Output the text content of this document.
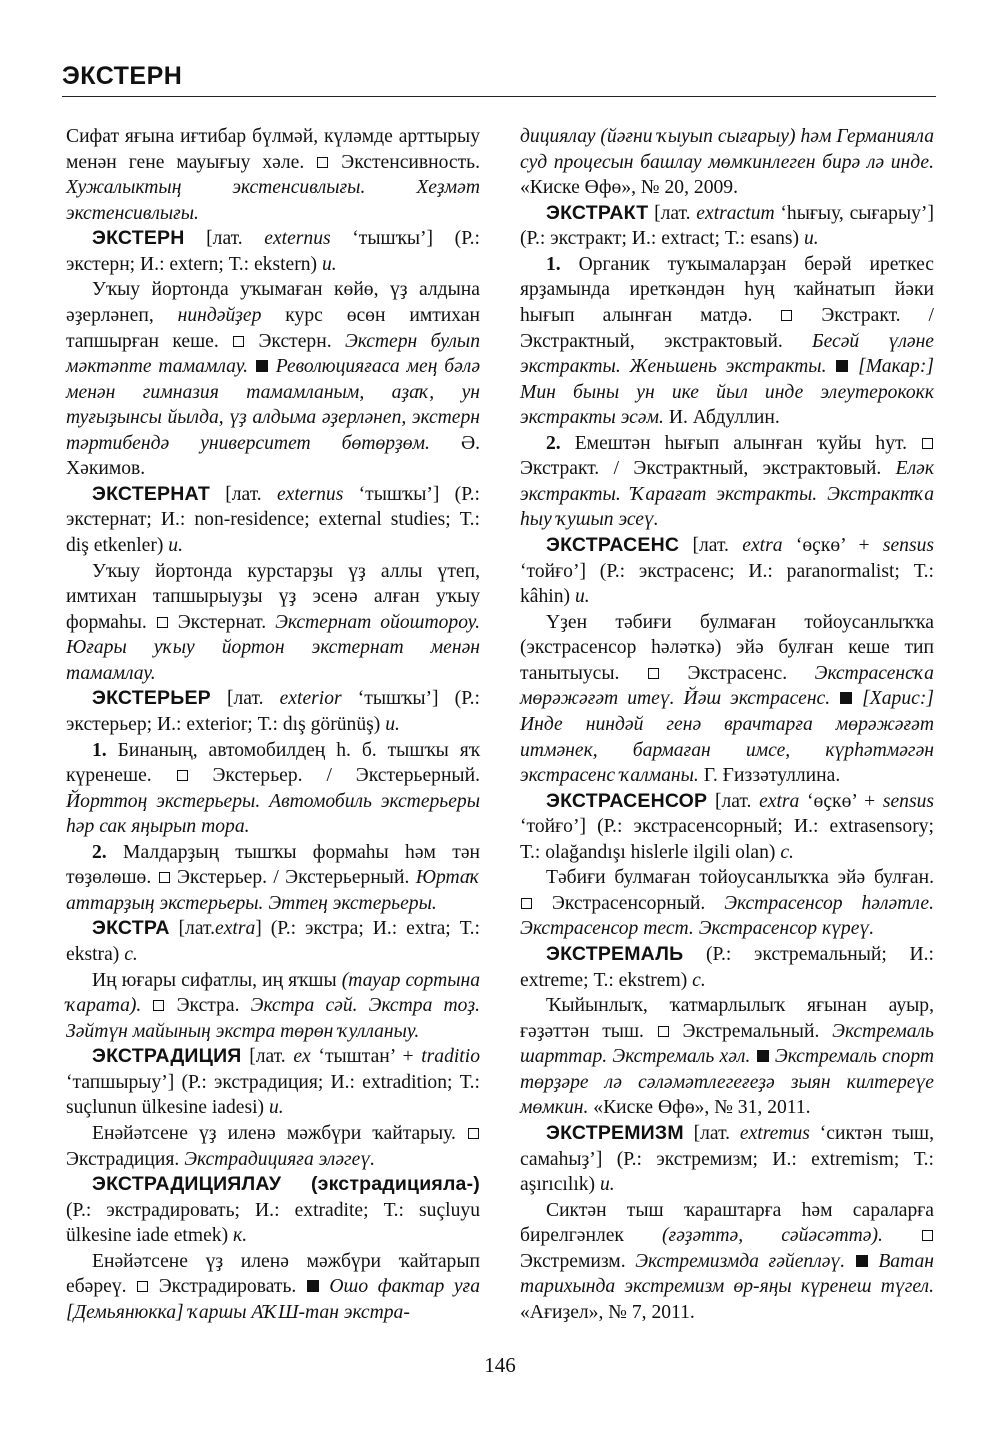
ЭКСТЕРН

Сифат яғына иғтибар бүлмәй, күләмде арттырыу менән гене мауығыу хәле. Экстенсивность. Хужалыктың экстенсивлығы. Хеҙмәт экстенсивлығы.

ЭКСТЕРН [лат. externus ‘тышҡы’] (Р.: экстерн; И.: extern; Т.: ekstern) и.

Уҡыу йортонда уҡымаған көйө, үҙ алдына әҙерләнеп, ниндәйҙер курс өсөн имтихан тапшырған кеше. Экстерн. Экстерн булып мәктәпте тамамлау. Революцияғаса мең бәлә менән гимназия тамамланым, аҙаҡ, ун туғыҙынсы йылда, үҙ алдыма әҙерләнеп, экстерн тәртибендә университет бөтөрҙөм. Ә. Хәкимов.

ЭКСТЕРНАТ [лат. externus ‘тышҡы’] (Р.: экстернат; И.: non-residence; external studies; Т.: diş etkenler) и.

Уҡыу йортонда курстарҙы үҙ аллы үтеп, имтихан тапшырыуҙы үҙ эсенә алған уҡыу формаһы. Экстернат. Экстернат ойоштороу. Юғары уҡыу йортон экстернат менән тамамлау.

ЭКСТЕРЬЕР [лат. exterior ‘тышҡы’] (Р.: экстерьер; И.: exterior; Т.: dış görünüş) и.

1. Бинаның, автомобилдең һ. б. тышҡы яҡ күренеше.	Экстерьер. / Экстерьерный. Йорттоң экстерьеры. Автомобиль экстерьеры һәр сак яңырып тора.

2. Малдарҙың тышҡы формаһы һәм тән төҙөлөшө. Экстерьер. / Экстерьерный. Юртаҡ аттарҙың экстерьеры. Эттең экстерьеры.

ЭКСТРА [лат.extra] (Р.: экстра; И.: extra; Т.: ekstra) с.

Иң юғары сифатлы, иң яҡшы (тауар сортына ҡарата). Экстра. Экстра сәй. Экстра тоҙ. Зәйтүн майының экстра төрөн ҡулланыу.

ЭКСТРАДИЦИЯ [лат. ex ‘тыштан’ + traditio ‘тапшырыу’] (Р.: экстрадиция; И.: extradition; Т.: suçlunun ülkesine iadesi) и.

Енәйәтсене үҙ иленә мәжбүри ҡайтарыу.  Экстрадиция. Экстрадицияға эләгеү.

ЭКСТРАДИЦИЯЛАУ (экстрадицияла-) (Р.: экстрадировать; И.: extradite; Т.: suçluyu ülkesine iade etmek) к.

Енәйәтсене үҙ иленә мәжбүри ҡайтарып ебәреү. Экстрадировать. Ошо фактар уға [Демьянюкка] ҡаршы АҠШ-тан экстра-

дициялау (йәғни ҡыуып сығарыу) һәм Германияла суд процесын башлау мөмкинлеген бирә лә инде. «Киске Өфө», № 20, 2009.

ЭКСТРАКТ [лат. extractum ‘һығыу, сығарыу’] (Р.: экстракт; И.: extract; Т.: esans) и.

1. Органик туҡымаларҙан берәй иреткес ярҙамында иреткәндән һуң ҡайнатып йәки һығып алынған матдә.	Экстракт. / Экстрактный, экстрактовый. Бесәй үләне экстракты. Женьшень экстракты. [Макар:] Мин быны ун ике йыл инде элеутерококк экстракты эсәм. И. Абдуллин.

2. Емештән һығып алынған ҡуйы һут.  Экстракт. / Экстрактный, экстрактовый. Еләк экстракты. Ҡарағат экстракты. Экстрактҡа һыу ҡушып эсеү.

ЭКСТРАСЕНС [лат. extra ‘өҫкө’ + sensus ‘тойғо’] (Р.: экстрасенс; И.: paranormalist; Т.: kâhin) и.

Үҙен тәбиғи булмаған тойоусанлыҡҡа (экстрасенсор һәләткә) эйә булған кеше тип танытыусы.	Экстрасенс. Экстрасенсҡа мөрәжәғәт итеү. Йәш экстрасенс. [Харис:] Инде ниндәй генә врачтарға мөрәжәғәт итмәнек, бармаған имсе, күрһәтмәгән экстрасенс ҡалманы. Г. Ғиззәтуллина.

ЭКСТРАСЕНСОР [лат. extra ‘өҫкө’ + sensus ‘тойғо’] (Р.: экстрасенсорный; И.: extrasensory; Т.: olağandışı hislerle ilgili olan) с.

Тәбиғи булмаған тойоусанлыҡҡа эйә булған.  Экстрасенсорный. Экстрасенсор һәләтле. Экстрасенсор тест. Экстрасенсор күреү.

ЭКСТРЕМАЛЬ (Р.: экстремальный; И.: extreme; Т.: ekstrem) с.

Ҡыйынлыҡ, ҡатмарлылыҡ яғынан ауыр, ғәҙәттән тыш. Экстремальный. Экстремаль шарттар. Экстремаль хәл. Экстремаль спорт төрҙәре лә сәләмәтлегеғеҙә зыян килтереүе мөмкин. «Киске Өфө», № 31, 2011.

ЭКСТРЕМИЗМ [лат. extremus ‘сиктән тыш, самаһыҙ’] (Р.: экстремизм; И.: extremism; Т.: aşırıcılık) и.

Сиктән тыш ҡараштарға һәм сараларға бирелгәнлек (ғәҙәттә, сәйәсәттә).  Экстремизм. Экстремизмда ғәйепләү. Ватан тарихында экстремизм өр-яңы күренеш түгел. «Ағиҙел», № 7, 2011.

146
